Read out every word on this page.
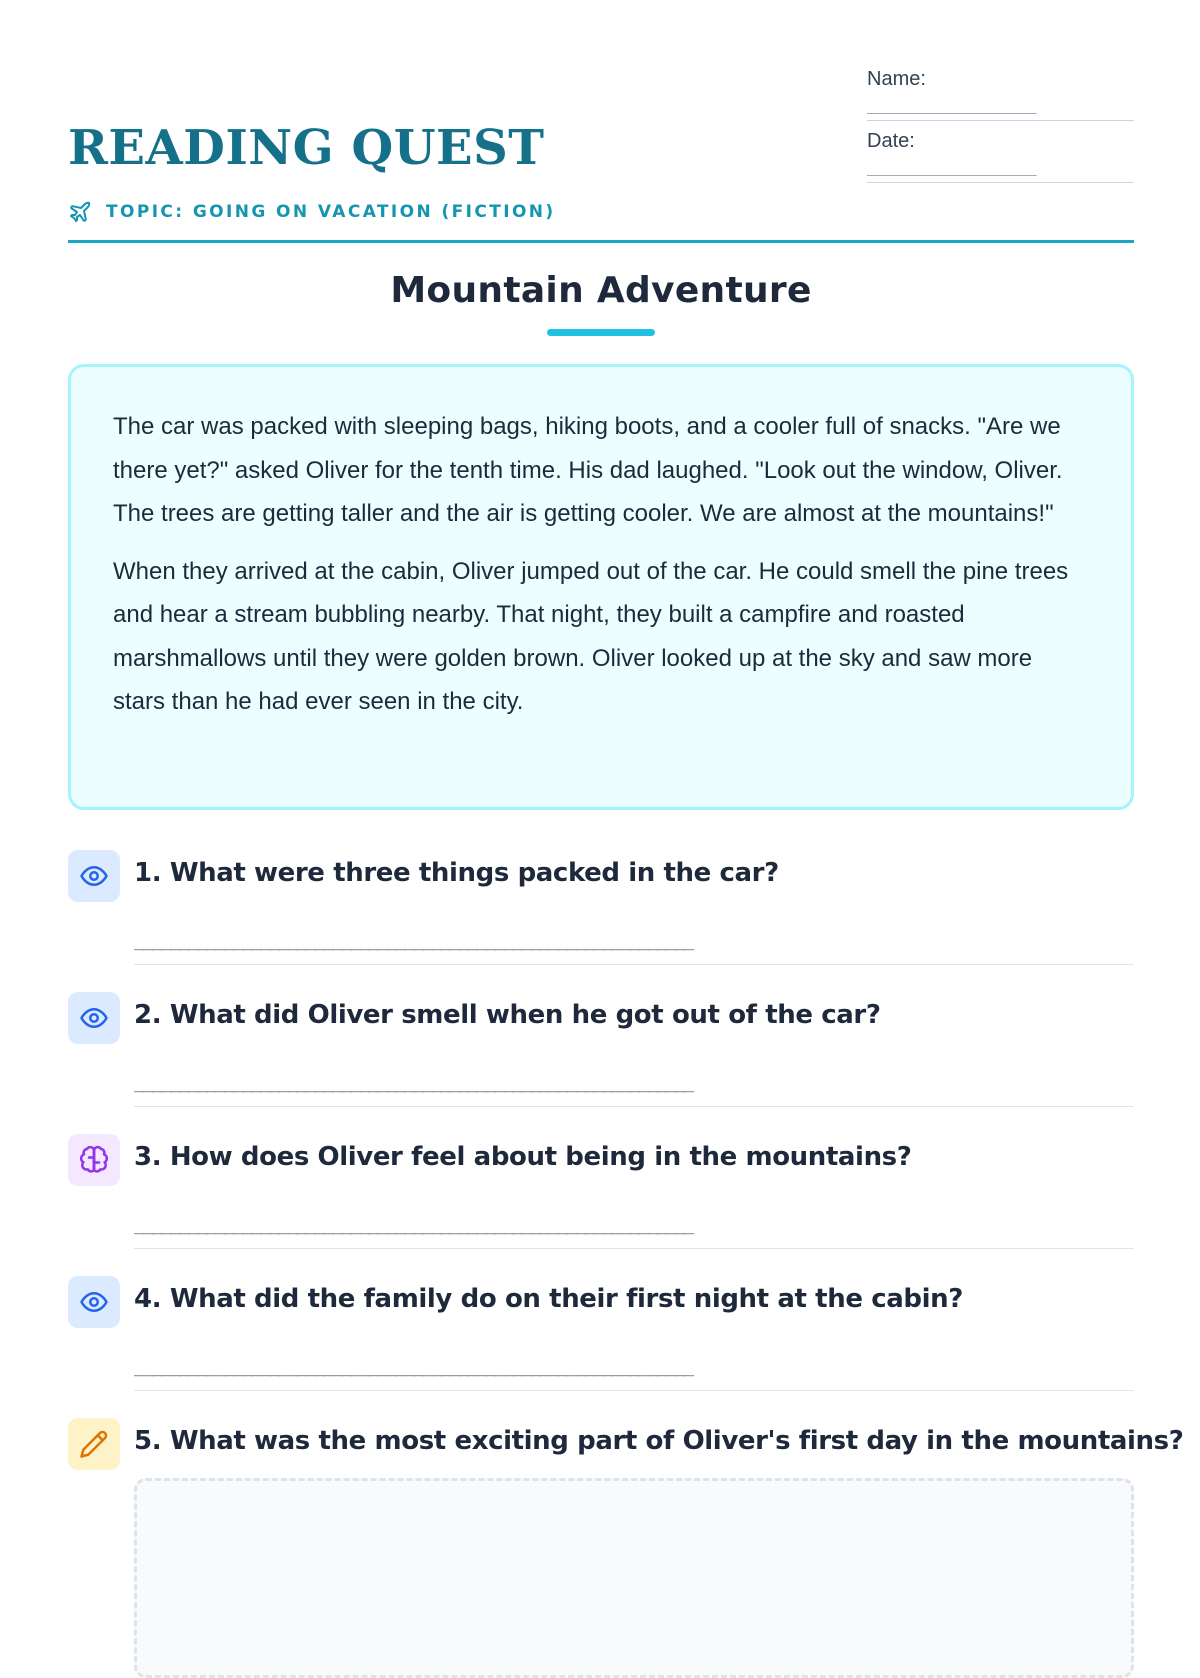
READING QUEST
TOPIC: GOING ON VACATION (FICTION)
Name:
_____________________
Date:
_____________________
Mountain Adventure

The car was packed with sleeping bags, hiking boots, and a cooler full of snacks. "Are we there yet?" asked Oliver for the tenth time. His dad laughed. "Look out the window, Oliver. The trees are getting taller and the air is getting cooler. We are almost at the mountains!"

When they arrived at the cabin, Oliver jumped out of the car. He could smell the pine trees and hear a stream bubbling nearby. That night, they built a campfire and roasted marshmallows until they were golden brown. Oliver looked up at the sky and saw more stars than he had ever seen in the city.

1. What were three things packed in the car?
______________________________________________________________
2. What did Oliver smell when he got out of the car?
______________________________________________________________
3. How does Oliver feel about being in the mountains?
______________________________________________________________
4. What did the family do on their first night at the cabin?
______________________________________________________________
5. What was the most exciting part of Oliver's first day in the mountains?
